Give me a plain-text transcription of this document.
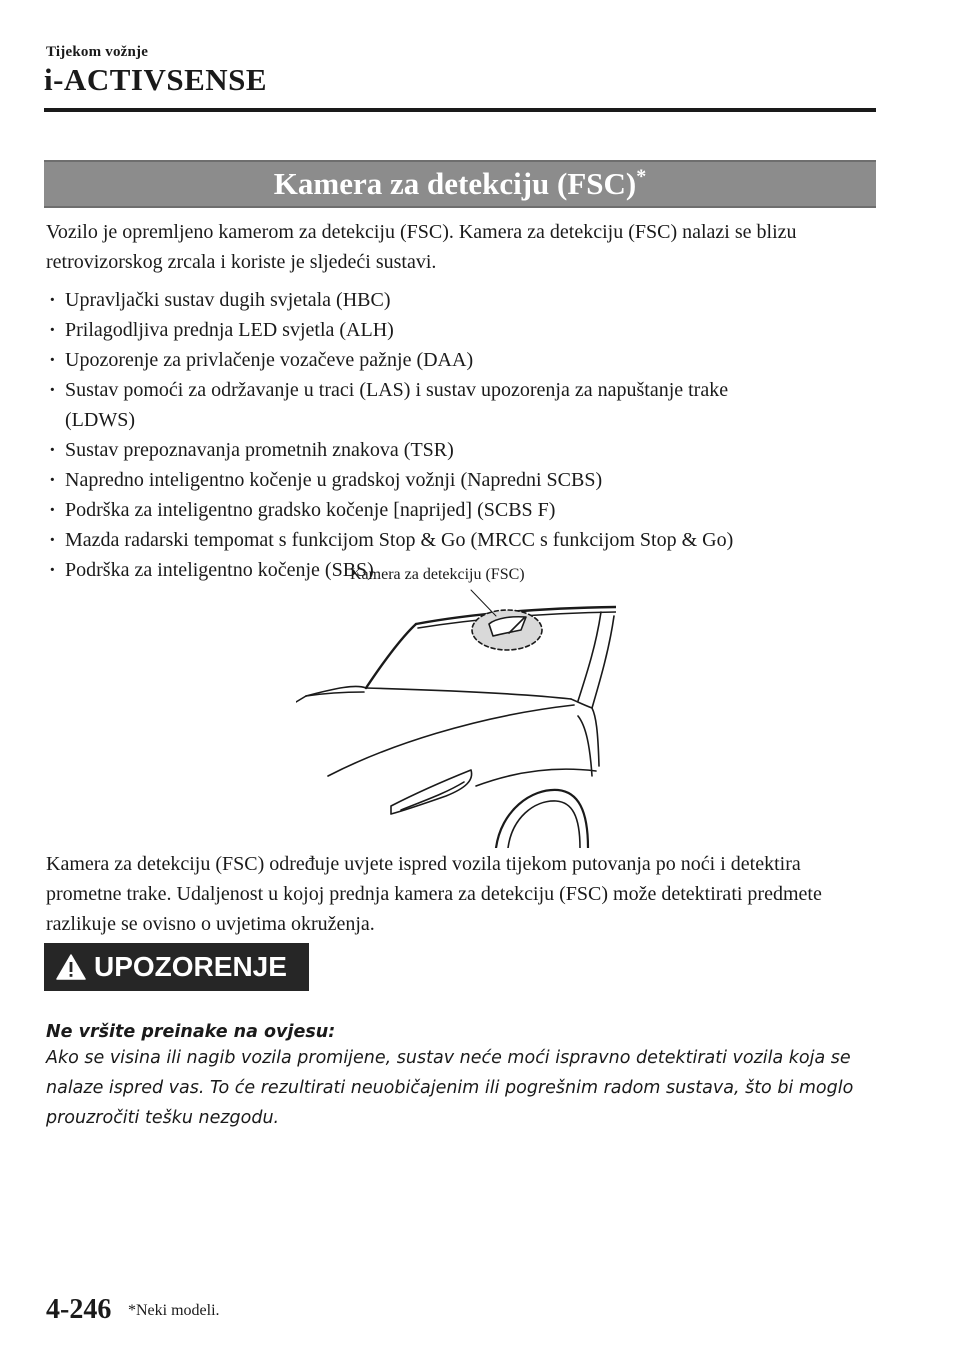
Tijekom vožnje
i-ACTIVSENSE
Kamera za detekciju (FSC)*
Vozilo je opremljeno kamerom za detekciju (FSC). Kamera za detekciju (FSC) nalazi se blizu retrovizorskog zrcala i koriste je sljedeći sustavi.
· Upravljački sustav dugih svjetala (HBC)
· Prilagodljiva prednja LED svjetla (ALH)
· Upozorenje za privlačenje vozačeve pažnje (DAA)
· Sustav pomoći za održavanje u traci (LAS) i sustav upozorenja za napuštanje trake
(LDWS)
· Sustav prepoznavanja prometnih znakova (TSR)
· Napredno inteligentno kočenje u gradskoj vožnji (Napredni SCBS)
· Podrška za inteligentno gradsko kočenje [naprijed] (SCBS F)
· Mazda radarski tempomat s funkcijom Stop & Go (MRCC s funkcijom Stop & Go)
· Podrška za inteligentno kočenje (SBS)
Kamera za detekciju (FSC)
Kamera za detekciju (FSC) određuje uvjete ispred vozila tijekom putovanja po noći i detektira prometne trake. Udaljenost u kojoj prednja kamera za detekciju (FSC) može detektirati predmete razlikuje se ovisno o uvjetima okruženja.
UPOZORENJE
Ne vršite preinake na ovjesu:
Ako se visina ili nagib vozila promijene, sustav neće moći ispravno detektirati vozila koja se nalaze ispred vas. To će rezultirati neuobičajenim ili pogrešnim radom sustava, što bi moglo prouzročiti tešku nezgodu.
4-246 *Neki modeli.
